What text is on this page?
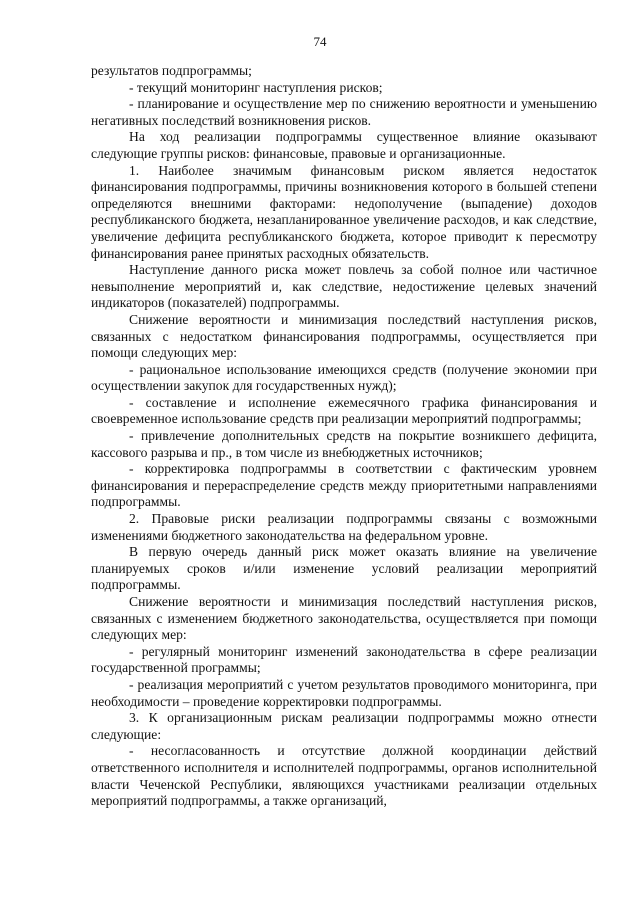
74

результатов подпрограммы;

- текущий мониторинг наступления рисков;

- планирование и осуществление мер по снижению вероятности и уменьшению негативных последствий возникновения рисков.

На ход реализации подпрограммы существенное влияние оказывают следующие группы рисков: финансовые, правовые и организационные.

1. Наиболее значимым финансовым риском является недостаток финансирования подпрограммы, причины возникновения которого в большей степени определяются внешними факторами: недополучение (выпадение) доходов республиканского бюджета, незапланированное увеличение расходов, и как следствие, увеличение дефицита республиканского бюджета, которое приводит к пересмотру финансирования ранее принятых расходных обязательств.

Наступление данного риска может повлечь за собой полное или частичное невыполнение мероприятий и, как следствие, недостижение целевых значений индикаторов (показателей) подпрограммы.

Снижение вероятности и минимизация последствий наступления рисков, связанных с недостатком финансирования подпрограммы, осуществляется при помощи следующих мер:

- рациональное использование имеющихся средств (получение экономии при осуществлении закупок для государственных нужд);

- составление и исполнение ежемесячного графика финансирования и своевременное использование средств при реализации мероприятий подпрограммы;

- привлечение дополнительных средств на покрытие возникшего дефицита, кассового разрыва и пр., в том числе из внебюджетных источников;

- корректировка подпрограммы в соответствии с фактическим уровнем финансирования и перераспределение средств между приоритетными направлениями подпрограммы.

2. Правовые риски реализации подпрограммы связаны с возможными изменениями бюджетного законодательства на федеральном уровне.

В первую очередь данный риск может оказать влияние на увеличение планируемых сроков и/или изменение условий реализации мероприятий подпрограммы.

Снижение вероятности и минимизация последствий наступления рисков, связанных с изменением бюджетного законодательства, осуществляется при помощи следующих мер:

- регулярный мониторинг изменений законодательства в сфере реализации государственной программы;

- реализация мероприятий с учетом результатов проводимого мониторинга, при необходимости – проведение корректировки подпрограммы.

3. К организационным рискам реализации подпрограммы можно отнести следующие:

- несогласованность и отсутствие должной координации действий ответственного исполнителя и исполнителей подпрограммы, органов исполнительной власти Чеченской Республики, являющихся участниками реализации отдельных мероприятий подпрограммы, а также организаций,
